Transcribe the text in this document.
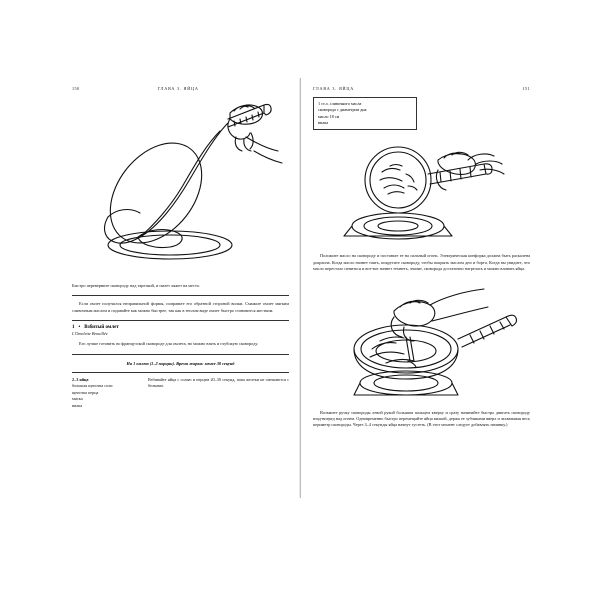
150	ГЛАВА 3. ЯЙЦА

Быстро переверните сковороду над тарелкой, и омлет ляжет на место.

Если омлет получился неправильной формы, поправьте его обратной стороной вилки. Смажьте омлет мягким сливочным маслом и подавайте как можно быстрее, так как в теплом виде омлет быстро становится жестким.

1 • Взбитый омлет

L'Omelette Brouillée

Его лучше готовить во французской сковороде для омлета, но можно взять и глубокую сковороду.

На 1 омлет (1–2 порции). Время жарки: менее 30 секунд

2–3 яйца
большая щепотка соли
щепотка перца
миска
вилка
Взбивайте яйца с солью и перцем 20–30 секунд, пока желтки не смешаются с белками.
ГЛАВА 3. ЯЙЦА	151
1 ст.л. сливочного масла
сковорода с диаметром дна
масло 18 см
вилка

Положите масло на сковороду и поставьте ее на сильный огонь. Электрическая конфорка должна быть раскалена докрасна. Когда масло начнет таять, покрутите сковороду, чтобы покрыть маслом дно и борта. Когда вы увидите, что масло перестало пениться и вот-вот начнет темнеть, значит, сковорода достаточно нагрелась и можно вливать яйца.

Возьмите ручку сковороды левой рукой большим пальцем кверху и сразу начинайте быстро двигать сковороду взад-вперед над огнем. Одновременно быстро перемещайте яйца вилкой, держа ее зубчиками вверх и захватывая весь периметр сковороды. Через 3–4 секунды яйца начнут густеть. (В этот момент следует добавлять начинку.)
